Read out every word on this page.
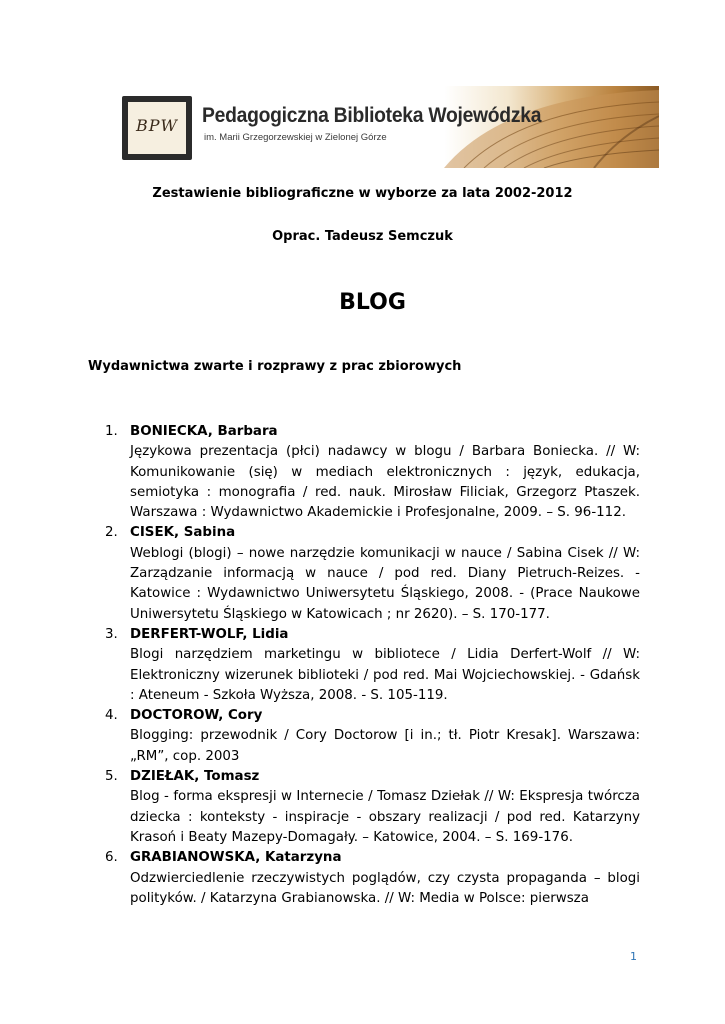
BPW	Pedagogiczna Biblioteka Wojewódzka
im. Marii Grzegorzewskiej w Zielonej Górze
Zestawienie bibliograficzne w wyborze za lata 2002-2012
Oprac. Tadeusz Semczuk
BLOG
Wydawnictwa zwarte i rozprawy z prac zbiorowych
1. BONIECKA, Barbara
Językowa prezentacja (płci) nadawcy w blogu / Barbara Boniecka. // W: Komunikowanie (się) w mediach elektronicznych : język, edukacja, semiotyka : monografia / red. nauk. Mirosław Filiciak, Grzegorz Ptaszek. Warszawa : Wydawnictwo Akademickie i Profesjonalne, 2009. – S. 96-112.
2. CISEK, Sabina
Weblogi (blogi) – nowe narzędzie komunikacji w nauce / Sabina Cisek // W: Zarządzanie informacją w nauce / pod red. Diany Pietruch-Reizes. - Katowice : Wydawnictwo Uniwersytetu Śląskiego, 2008. - (Prace Naukowe Uniwersytetu Śląskiego w Katowicach ; nr 2620). – S. 170-177.
3. DERFERT-WOLF, Lidia
Blogi narzędziem marketingu w bibliotece / Lidia Derfert-Wolf // W: Elektroniczny wizerunek biblioteki / pod red. Mai Wojciechowskiej. - Gdańsk : Ateneum - Szkoła Wyższa, 2008. - S. 105-119.
4. DOCTOROW, Cory
Blogging: przewodnik / Cory Doctorow [i in.; tł. Piotr Kresak]. Warszawa: „RM”, cop. 2003
5. DZIEŁAK, Tomasz
Blog - forma ekspresji w Internecie / Tomasz Dziełak // W: Ekspresja twórcza dziecka : konteksty - inspiracje - obszary realizacji / pod red. Katarzyny Krasoń i Beaty Mazepy-Domagały. – Katowice, 2004. – S. 169-176.
6. GRABIANOWSKA, Katarzyna
Odzwierciedlenie rzeczywistych poglądów, czy czysta propaganda – blogi polityków. / Katarzyna Grabianowska. // W: Media w Polsce: pierwsza
1
